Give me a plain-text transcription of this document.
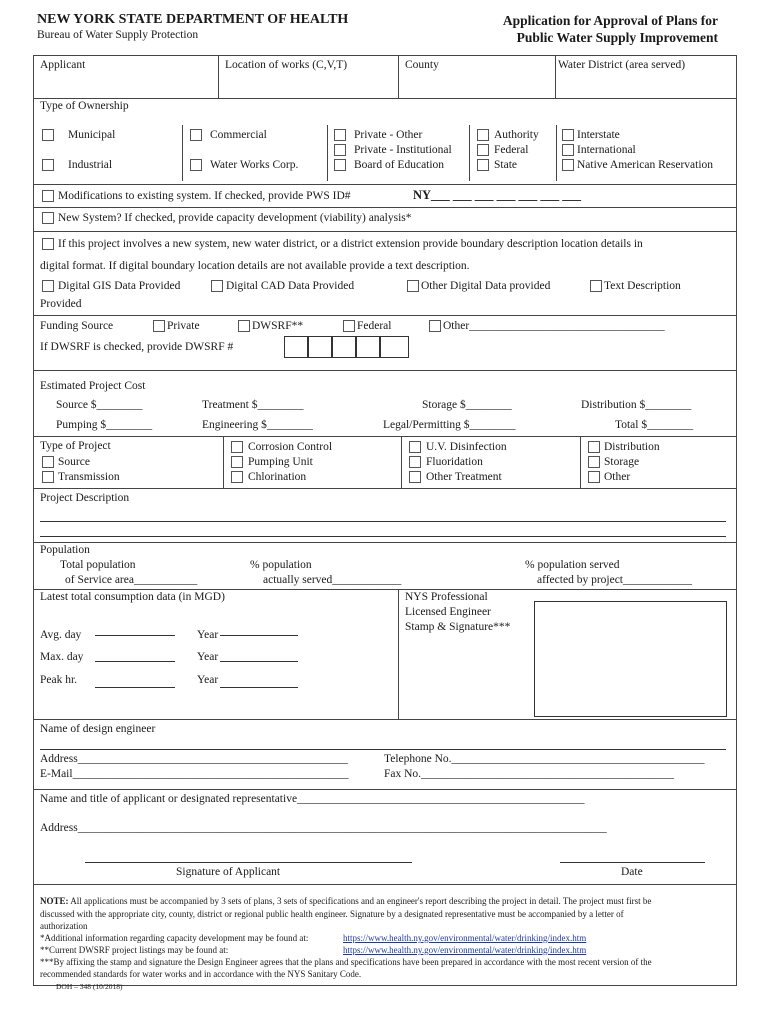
NEW YORK STATE DEPARTMENT OF HEALTH
Bureau of Water Supply Protection
Application for Approval of Plans for
Public Water Supply Improvement
Applicant	Location of works (C,V,T)	County	Water District (area served)
Type of Ownership
Municipal
Industrial
Commercial
Water Works Corp.
Private - Other
Private - Institutional
Board of Education
Authority
Federal
State
Interstate
International
Native American Reservation
Modifications to existing system. If checked, provide PWS ID#	NY___ ___ ___ ___ ___ ___ ___
New System? If checked, provide capacity development (viability) analysis*
If this project involves a new system, new water district, or a district extension provide boundary description location details in
digital format. If digital boundary location details are not available provide a text description.
Digital GIS Data Provided	Digital CAD Data Provided	Other Digital Data provided	Text Description
Provided
Funding Source	Private	DWSRF**	Federal	Other__________________________________
If DWSRF is checked, provide DWSRF #
Estimated Project Cost
Source $________	Treatment $________	Storage $________	Distribution $________
Pumping $________	Engineering $________	Legal/Permitting $________	Total $________
Type of Project
Source
Transmission
Corrosion Control
Pumping Unit
Chlorination
U.V. Disinfection
Fluoridation
Other Treatment
Distribution
Storage
Other
Project Description
Population
Total population
of Service area___________
% population
actually served____________
% population served
affected by project____________
Latest total consumption data (in MGD)
Avg. day	Year
Max. day	Year
Peak hr.	Year
NYS Professional
Licensed Engineer
Stamp & Signature***
Name of design engineer
Address_______________________________________________	Telephone No.____________________________________________
E-Mail________________________________________________	Fax No.____________________________________________
Name and title of applicant or designated representative__________________________________________________
Address____________________________________________________________________________________________
Signature of Applicant	Date
NOTE: All applications must be accompanied by 3 sets of plans, 3 sets of specifications and an engineer's report describing the project in detail. The project must first be
discussed with the appropriate city, county, district or regional public health engineer. Signature by a designated representative must be accompanied by a letter of
authorization
*Additional information regarding capacity development may be found at:	https://www.health.ny.gov/environmental/water/drinking/index.htm
**Current DWSRF project listings may be found at:	https://www.health.ny.gov/environmental/water/drinking/index.htm
***By affixing the stamp and signature the Design Engineer agrees that the plans and specifications have been prepared in accordance with the most recent version of the
recommended standards for water works and in accordance with the NYS Sanitary Code.
DOH – 348 (10/2018)
